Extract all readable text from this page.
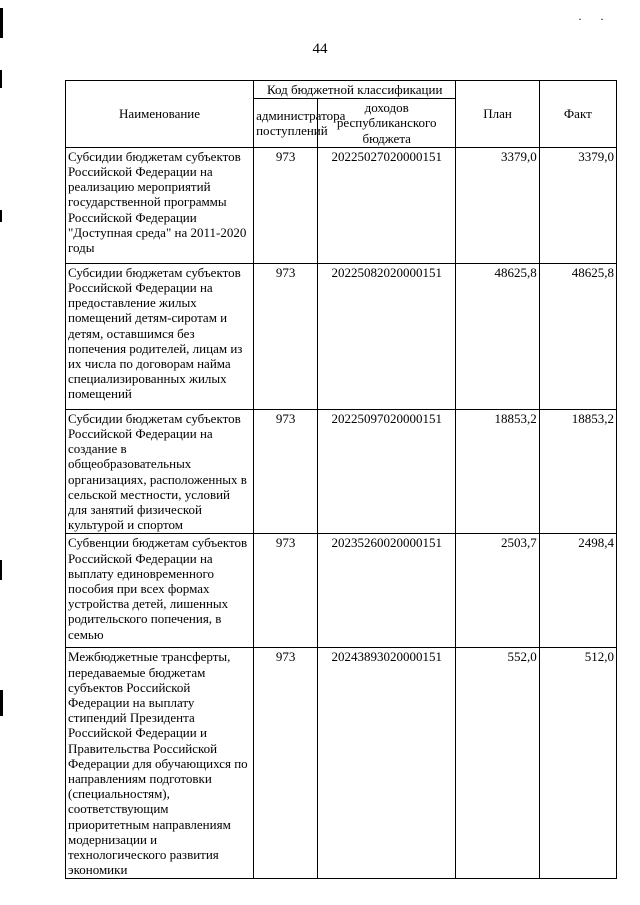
··
44
Наименование	Код бюджетной классификации		План	Факт
	администратора поступлений	доходов республиканского бюджета		
Субсидии бюджетам субъектов Российской Федерации на реализацию мероприятий государственной программы Российской Федерации "Доступная среда" на 2011-2020 годы	973	20225027020000151	3379,0	3379,0
Субсидии бюджетам субъектов Российской Федерации на предоставление жилых помещений детям-сиротам и детям, оставшимся без попечения родителей, лицам из их числа по договорам найма специализированных жилых помещений	973	20225082020000151	48625,8	48625,8
Субсидии бюджетам субъектов Российской Федерации на создание в общеобразовательных организациях, расположенных в сельской местности, условий для занятий физической культурой и спортом	973	20225097020000151	18853,2	18853,2
Субвенции бюджетам субъектов Российской Федерации на выплату единовременного пособия при всех формах устройства детей, лишенных родительского попечения, в семью	973	20235260020000151	2503,7	2498,4
Межбюджетные трансферты, передаваемые бюджетам субъектов Российской Федерации на выплату стипендий Президента Российской Федерации и Правительства Российской Федерации для обучающихся по направлениям подготовки (специальностям), соответствующим приоритетным направлениям модернизации и технологического развития экономики	973	20243893020000151	552,0	512,0
